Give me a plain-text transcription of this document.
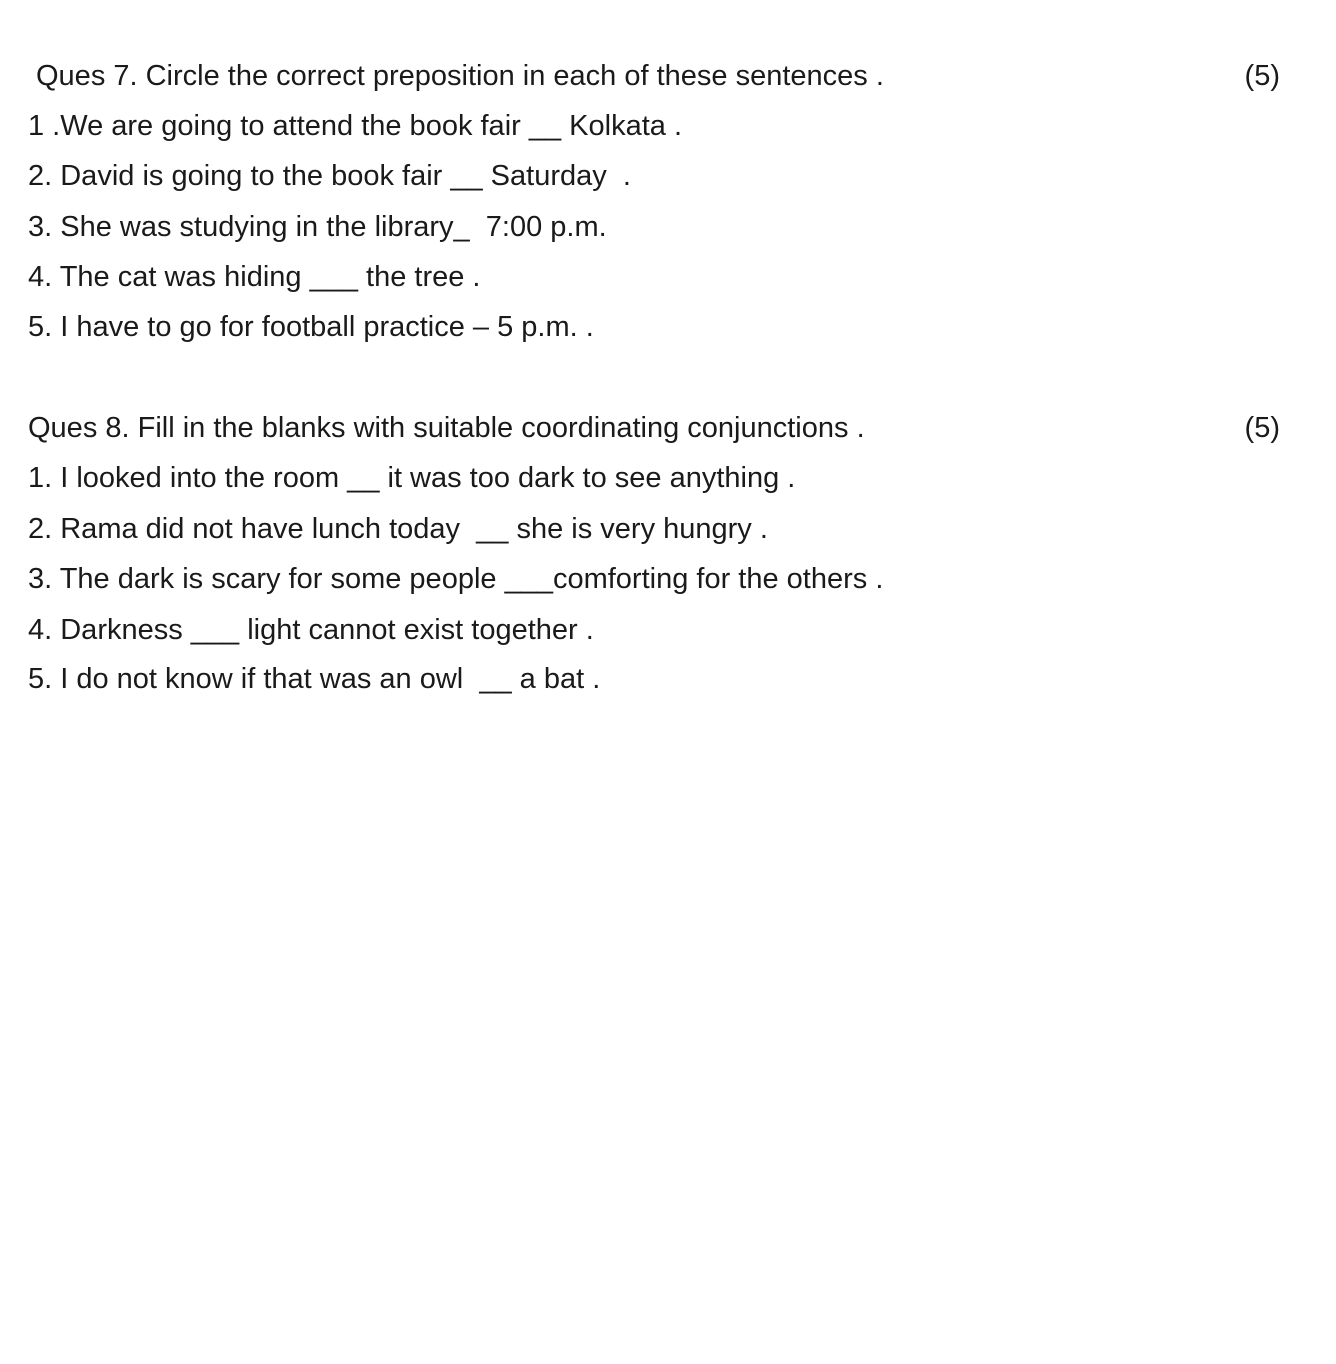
Ques 7. Circle the correct preposition in each of these sentences .	(5)
1 .We are going to attend the book fair __ Kolkata .
2. David is going to the book fair __ Saturday  .
3. She was studying in the library_  7:00 p.m.
4. The cat was hiding ___ the tree .
5. I have to go for football practice – 5 p.m. .
Ques 8. Fill in the blanks with suitable coordinating conjunctions .	(5)
1. I looked into the room __ it was too dark to see anything .
2. Rama did not have lunch today  __ she is very hungry .
3. The dark is scary for some people ___comforting for the others .
4. Darkness ___ light cannot exist together .
5. I do not know if that was an owl  __ a bat .
